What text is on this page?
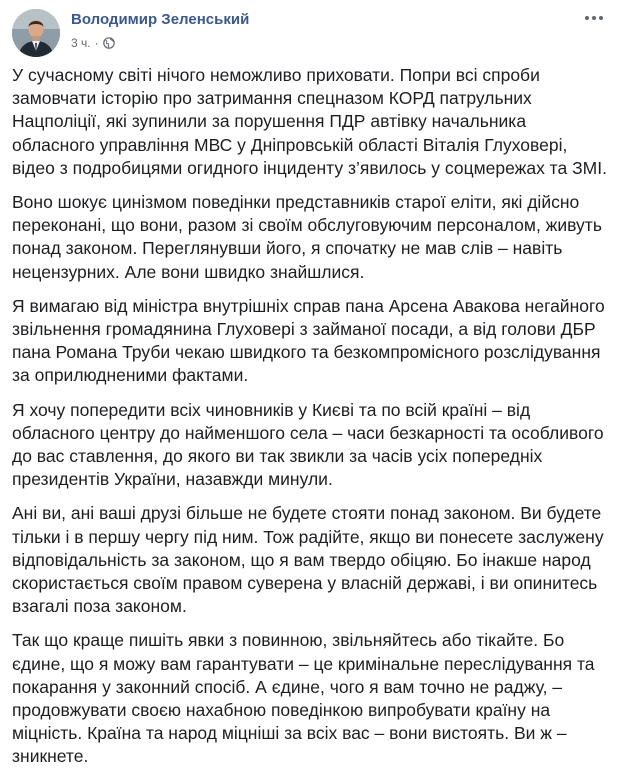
Володимир Зеленський
3 ч. ·

У сучасному світі нічого неможливо приховати. Попри всі спроби замовчати історію про затримання спецназом КОРД патрульних Нацполіції, які зупинили за порушення ПДР автівку начальника обласного управління МВС у Дніпровській області Віталія Глуховері, відео з подробицями огидного інциденту з’явилось у соцмережах та ЗМІ.

Воно шокує цинізмом поведінки представників старої еліти, які дійсно переконані, що вони, разом зі своїм обслуговуючим персоналом, живуть понад законом. Переглянувши його, я спочатку не мав слів – навіть нецензурних. Але вони швидко знайшлися.

Я вимагаю від міністра внутрішніх справ пана Арсена Авакова негайного звільнення громадянина Глуховері з займаної посади, а від голови ДБР пана Романа Труби чекаю швидкого та безкомпромісного розслідування за оприлюдненими фактами.

Я хочу попередити всіх чиновників у Києві та по всій країні – від обласного центру до найменшого села – часи безкарності та особливого до вас ставлення, до якого ви так звикли за часів усіх попередніх президентів України, назавжди минули.

Ані ви, ані ваші друзі більше не будете стояти понад законом. Ви будете тільки і в першу чергу під ним. Тож радійте, якщо ви понесете заслужену відповідальність за законом, що я вам твердо обіцяю. Бо інакше народ скористається своїм правом суверена у власній державі, і ви опинитесь взагалі поза законом.

Так що краще пишіть явки з повинною, звільняйтесь або тікайте. Бо єдине, що я можу вам гарантувати – це кримінальне переслідування та покарання у законний спосіб. А єдине, чого я вам точно не раджу, – продовжувати своєю нахабною поведінкою випробувати країну на міцність. Країна та народ міцніші за всіх вас – вони вистоять. Ви ж – зникнете.
